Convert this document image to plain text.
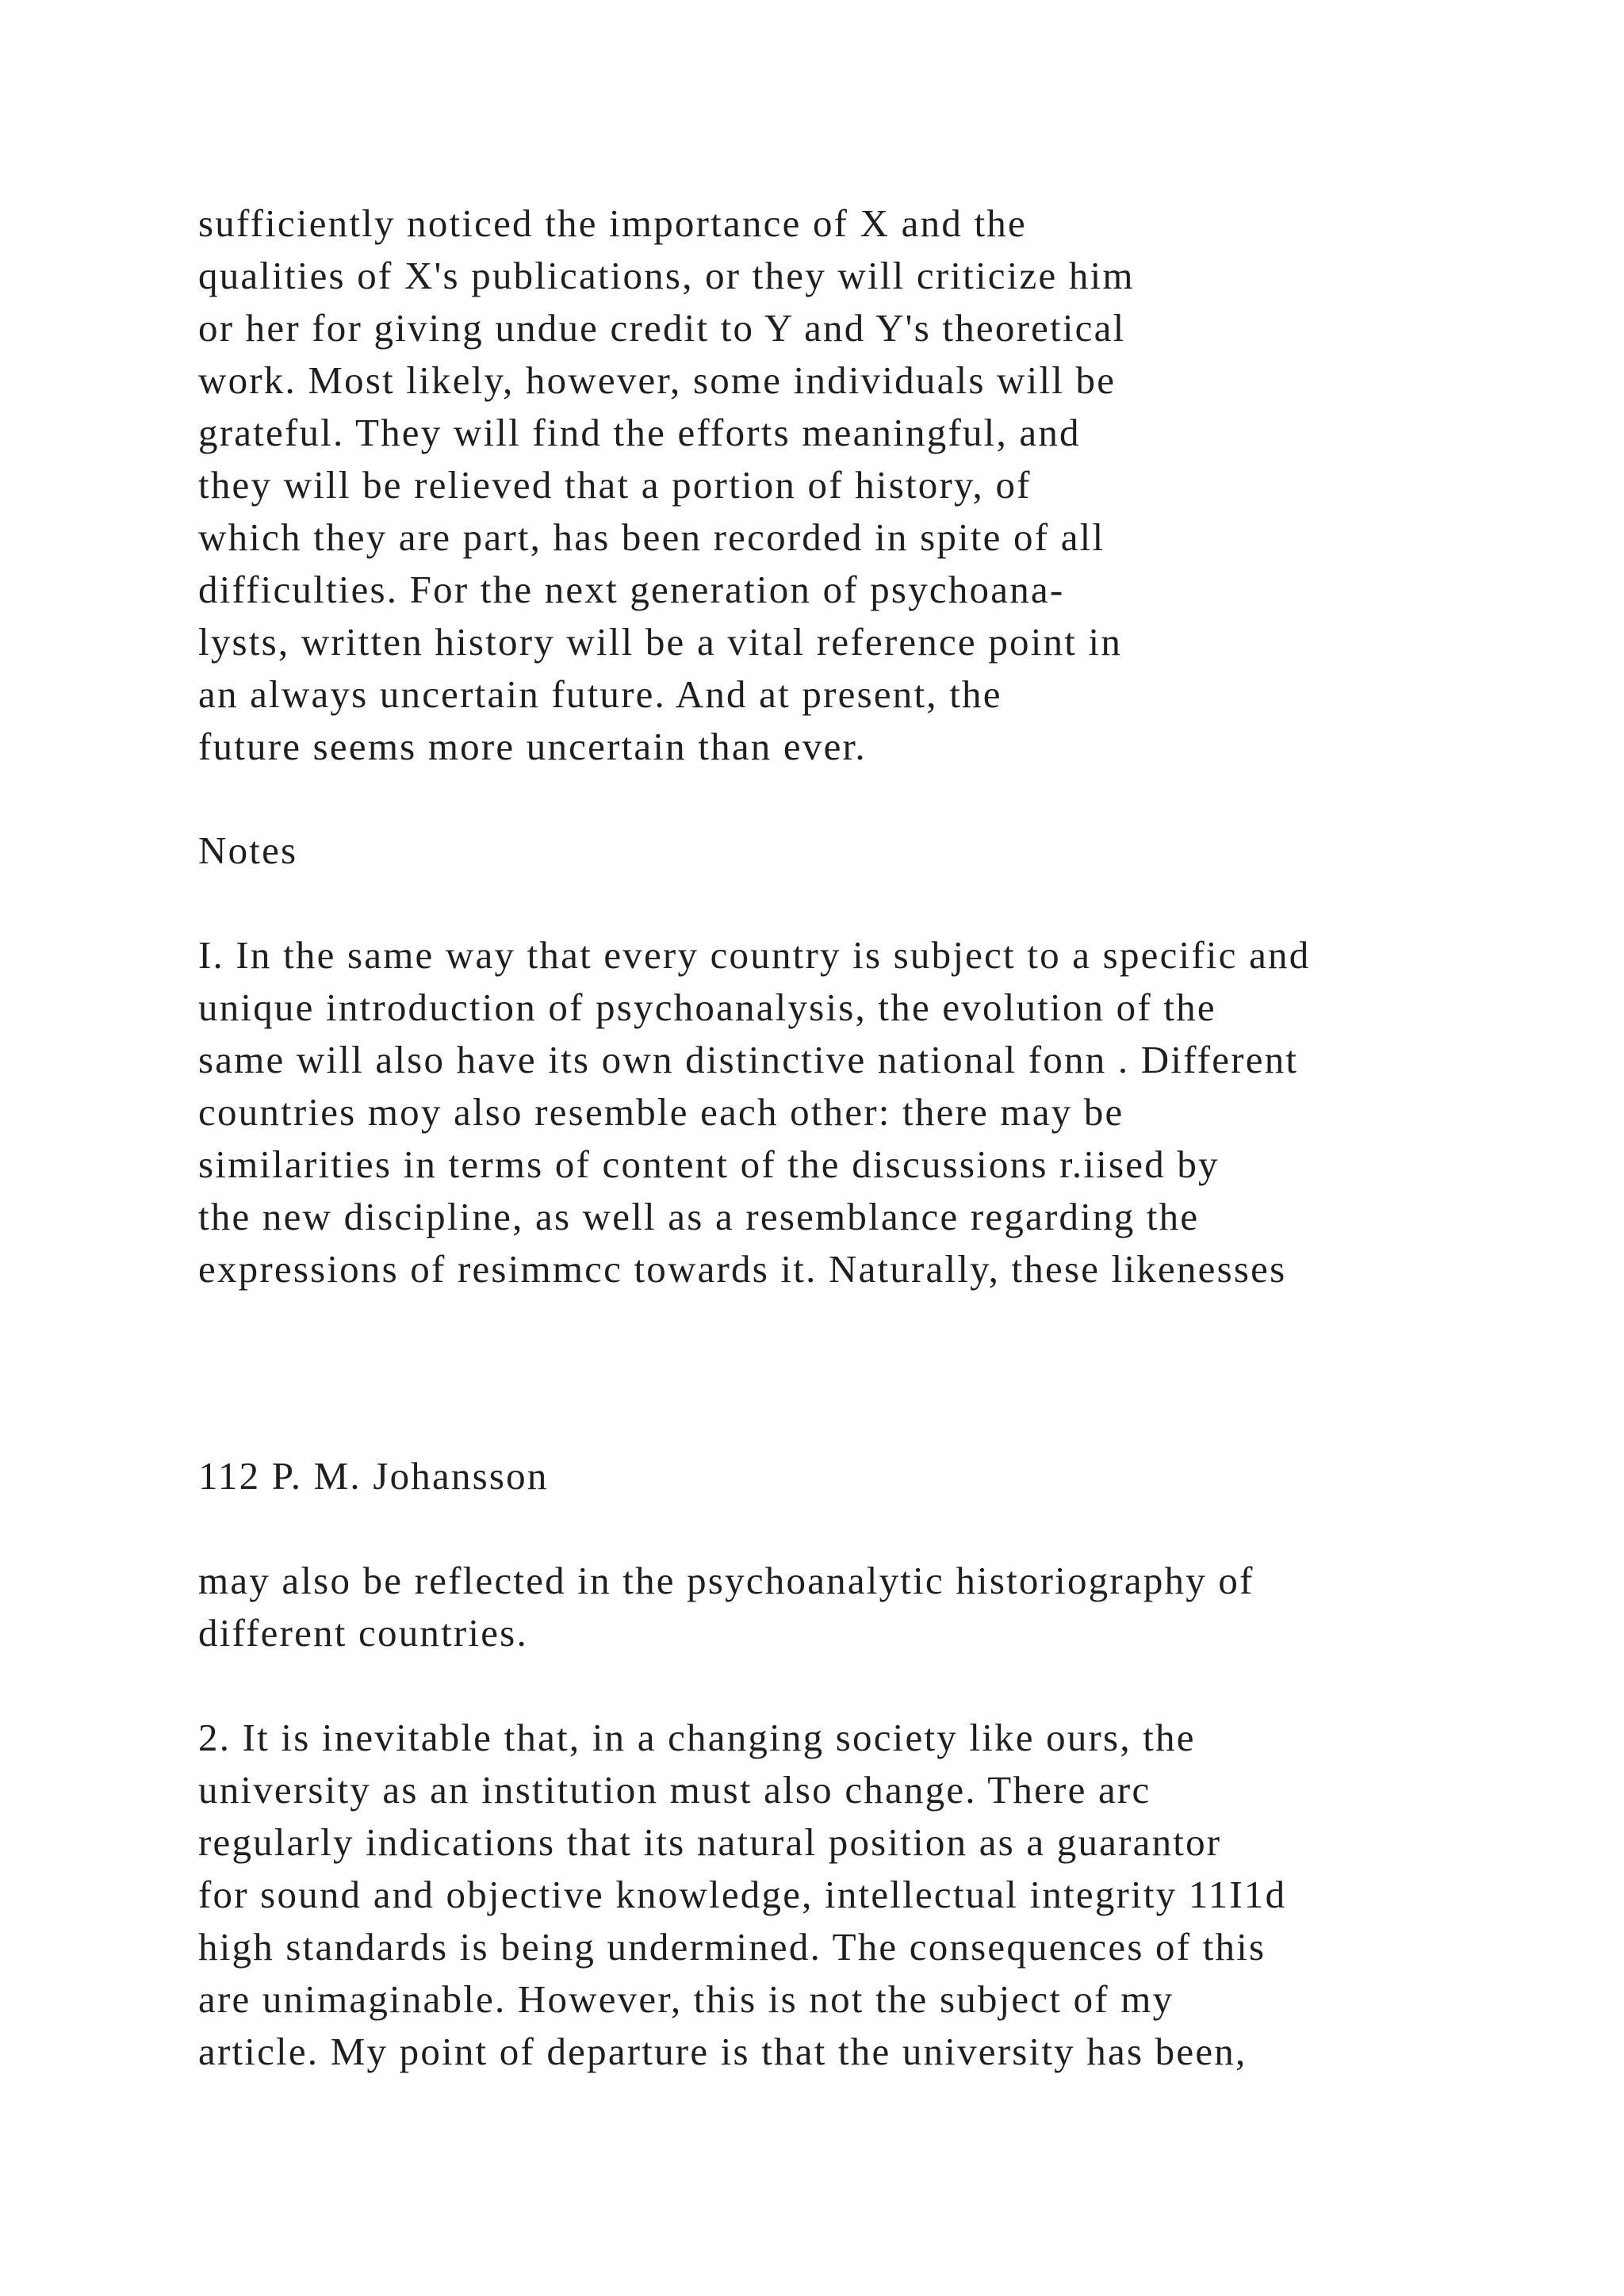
sufficiently noticed the importance of X and the
qualities of X's publications, or they will criticize him
or her for giving undue credit to Y and Y's theoretical
work. Most likely, however, some individuals will be
grateful. They will find the efforts meaningful, and
they will be relieved that a portion of history, of
which they are part, has been recorded in spite of all
difficulties. For the next generation of psychoana-
lysts, written history will be a vital reference point in
an always uncertain future. And at present, the
future seems more uncertain than ever.
Notes
I. In the same way that every country is subject to a specific and
unique introduction of psychoanalysis, the evolution of the
same will also have its own distinctive national fonn . Different
countries moy also resemble each other: there may be
similarities in terms of content of the discussions r.iised by
the new discipline, as well as a resemblance regarding the
expressions of resimmcc towards it. Naturally, these likenesses
112 P. M. Johansson
may also be reflected in the psychoanalytic historiography of
different countries.
2. It is inevitable that, in a changing society like ours, the
university as an institution must also change. There arc
regularly indications that its natural position as a guarantor
for sound and objective knowledge, intellectual integrity 11I1d
high standards is being undermined. The consequences of this
are unimaginable. However, this is not the subject of my
article. My point of departure is that the university has been,
